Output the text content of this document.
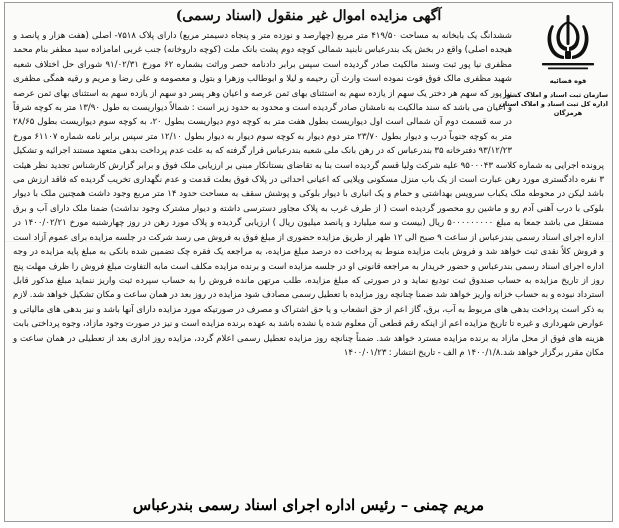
آگهی مزایده اموال غیر منقول (اسناد رسمی)
قوه قضائیه
سازمان ثبت اسناد و املاک کشور
اداره کل ثبت اسناد و املاک استان
هرمزگان
ششدانگ یک بابخانه به مساحت ۴۱۹/۵۰ متر مربع (چهارصد و نوزده متر و پنجاه دسیمتر مربع) دارای پلاک ۷۵۱۸- اصلی (هفت هزار و پانصد و هیجده اصلی) واقع در بخش یک بندرعباس نابنید شمالی کوچه دوم پشت بانک ملت (کوچه داروخانه) جنب غربی امامزاده سید مظفر بنام محمد مظفری نیا پور ثبت وسند مالکیت صادر گردیده است سپس برابر دادنامه حصر وراثت بشماره ۶۲ مورخ ۹۱/۰۲/۳۱ شورای حل اختلاف شعبه شهید مظفری مالک فوق فوت نموده است وارث آن رحیمه و لیلا و ابوطالب وزهرا و بتول و معصومه و علی رضا و مریم و رقیه همگی مظفری نیا پور که سهم هر دختر یک سهم از یازده سهم به استثنای بهای ثمن عرصه و اعیان وهر پسر دو سهم از یازده سهم به استثنای بهای ثمن عرصه و اعیان می باشد که سند مالکیت به نامشان صادر گردیده است و محدود به حدود زیر است : شمالاً دیواریست به طول ۱۳/۹۰ متر به کوچه شرقاً در سه قسمت دوم آن شمالی است اول دیواریست بطول هفت متر به کوچه دوم دیواریست بطول ۲۰، به کوچه سوم دیواریست بطول ۲۸/۶۵ متر به کوچه جنوباً درب و دیوار بطول ۲۳/۷۰ متر دوم دیوار به کوچه سوم دیوار به دیوار بطول ۱۲/۱۰ متر سپس برابر نامه شماره ۶۱۱۰۷ مورخ ۹۳/۱۲/۲۳ دفترخانه ۳۵ بندرعباس که در رهن بانک ملی شعبه بندرعباس قرار گرفته که به علت عدم پرداخت بدهی متعهد مستند اجرائیه و تشکیل پرونده اجرایی به شماره کلاسه ۹۵۰۰۰۴۳ علیه شرکت ولیا قسم گردیده است بنا به تقاضای بستانکار مبنی بر ارزیابی ملک فوق و برابر گزارش کارشناس تجدید نظر هیئت ۳ نفره دادگستری مورد رهن عبارت است از یک باب منزل مسکونی ویلایی که اعیانی احداثی در پلاک فوق بعلت قدمت و عدم نگهداری تخریب گردیده که فاقد ارزش می باشد لیکن در محوطه ملک یکباب سرویس بهداشتی و حمام و یک انباری با دیوار بلوکی و پوشش سقف به مساحت حدود ۱۴ متر مربع وجود داشت همچنین ملک با دیوار بلوکی با درب آهنی آدم رو و ماشین رو محصور گردیده است ( از طرف غرب به پلاک مجاور دسترسی داشته و دیوار مشترک وجود نداشت) ضمنا ملک دارای آب و برق مستقل می باشد جمعا به مبلغ ۵۰۰۰۰۰۰۰۰۰ ریال (بیست و سه میلیارد و پانصد میلیون ریال ) ارزیابی گردیده و پلاک مورد رهن در روز چهارشنبه مورخ ۱۴۰۰/۰۲/۲۱ در اداره اجرای اسناد رسمی بندرعباس از ساعت ۹ صبح الی ۱۲ ظهر از طریق مزایده حضوری از مبلغ فوق به فروش می رسد شرکت در جلسه مزایده برای عموم آزاد است و فروش کلاً نقدی ثبت خواهد شد و فروش بابت مزایده منوط به پرداخت ده درصد مبلغ مزایده، به مراجعه یک فقره چک تضمین شده بانکی به مبلغ پایه مزایده در وجه اداره اجرای اسناد رسمی بندرعباس و حضور خریدار به مراجعه قانونی او در جلسه مزایده است و برنده مزایده مکلف است مابه التفاوت مبلغ فروش را ظرف مهلت پنج روز از تاریخ مزایده به حساب صندوق ثبت تودیع نماید و در صورتی که مبلغ مزایده، طلب مرتهن مانده فروش را به حساب سپرده ثبت واریز ننماید مبلغ مذکور قابل استرداد نبوده و به حساب خزانه واریز خواهد شد ضمنا چنانچه روز مزایده با تعطیل رسمی مصادف شود مزایده در روز بعد در همان ساعت و مکان تشکیل خواهد شد. لازم به ذکر است پرداخت بدهی های مربوط به آب، برق، گاز اعم از حق انشعاب و یا حق اشتراک و مصرف در صورتیکه مورد مزایده دارای آنها باشد و نیز بدهی های مالیاتی و عوارض شهرداری و غیره تا تاریخ مزایده اعم از اینکه رقم قطعی آن معلوم شده یا نشده باشد به عهده برنده مزایده است و نیز در صورت وجود مازاد، وجوه پرداختی بابت هزینه های فوق از محل مازاد به برنده مزایده مسترد خواهد شد. ضمناً چنانچه روز مزایده تعطیل رسمی اعلام گردد، مزایده روز اداری بعد از تعطیلی در همان ساعت و مکان مقرر برگزار خواهد شد.۱۴۰۰/۱/۸ م الف - تاریخ انتشار : ۱۴۰۰/۰۱/۲۳
مریم چمنی – رئیس اداره اجرای اسناد رسمی بندرعباس
